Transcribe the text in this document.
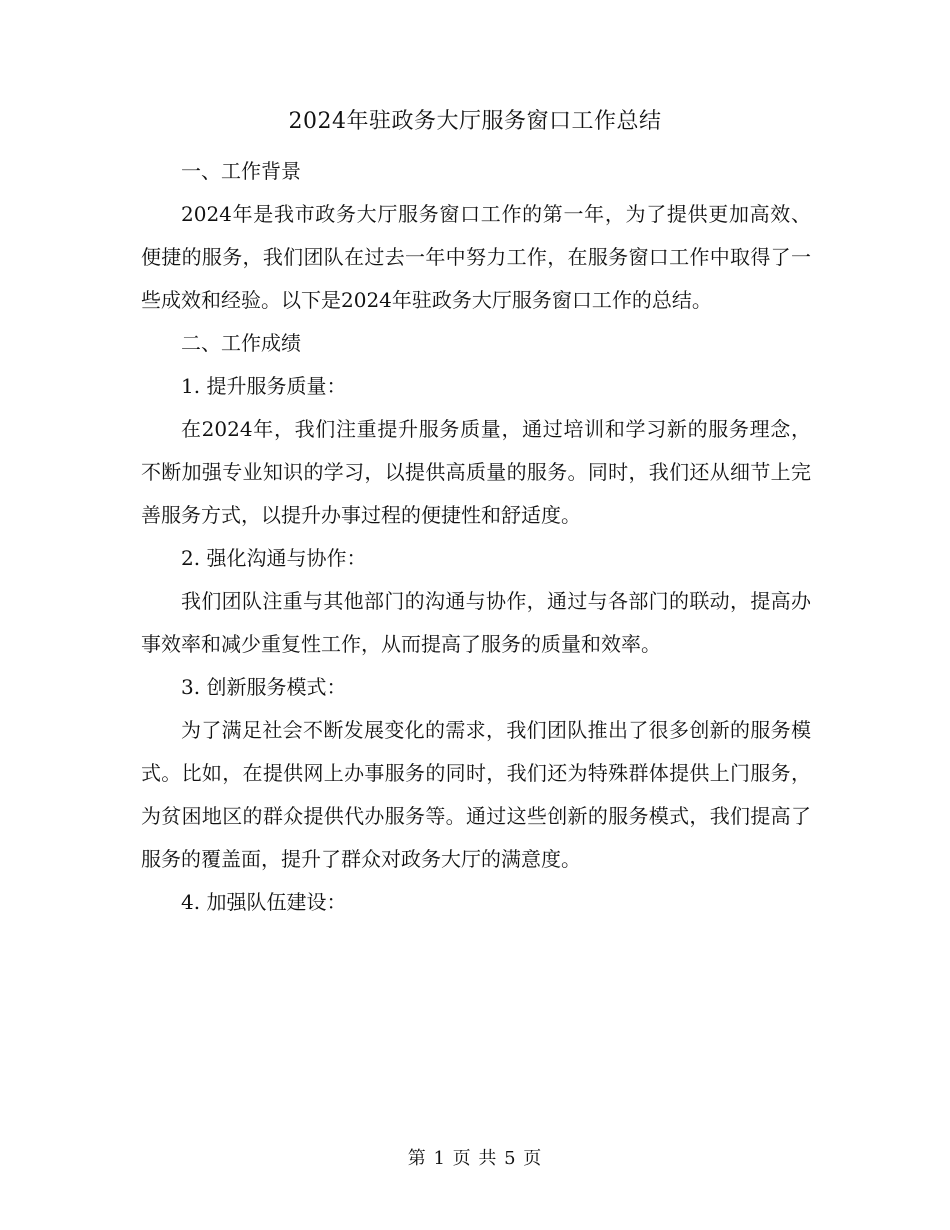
2024年驻政务大厅服务窗口工作总结

一、工作背景

2024年是我市政务大厅服务窗口工作的第一年，为了提供更加高效、便捷的服务，我们团队在过去一年中努力工作，在服务窗口工作中取得了一些成效和经验。以下是2024年驻政务大厅服务窗口工作的总结。

二、工作成绩

1. 提升服务质量：

在2024年，我们注重提升服务质量，通过培训和学习新的服务理念，不断加强专业知识的学习，以提供高质量的服务。同时，我们还从细节上完善服务方式，以提升办事过程的便捷性和舒适度。

2. 强化沟通与协作：

我们团队注重与其他部门的沟通与协作，通过与各部门的联动，提高办事效率和减少重复性工作，从而提高了服务的质量和效率。

3. 创新服务模式：

为了满足社会不断发展变化的需求，我们团队推出了很多创新的服务模式。比如，在提供网上办事服务的同时，我们还为特殊群体提供上门服务，为贫困地区的群众提供代办服务等。通过这些创新的服务模式，我们提高了服务的覆盖面，提升了群众对政务大厅的满意度。

4. 加强队伍建设：

第 1 页 共 5 页
